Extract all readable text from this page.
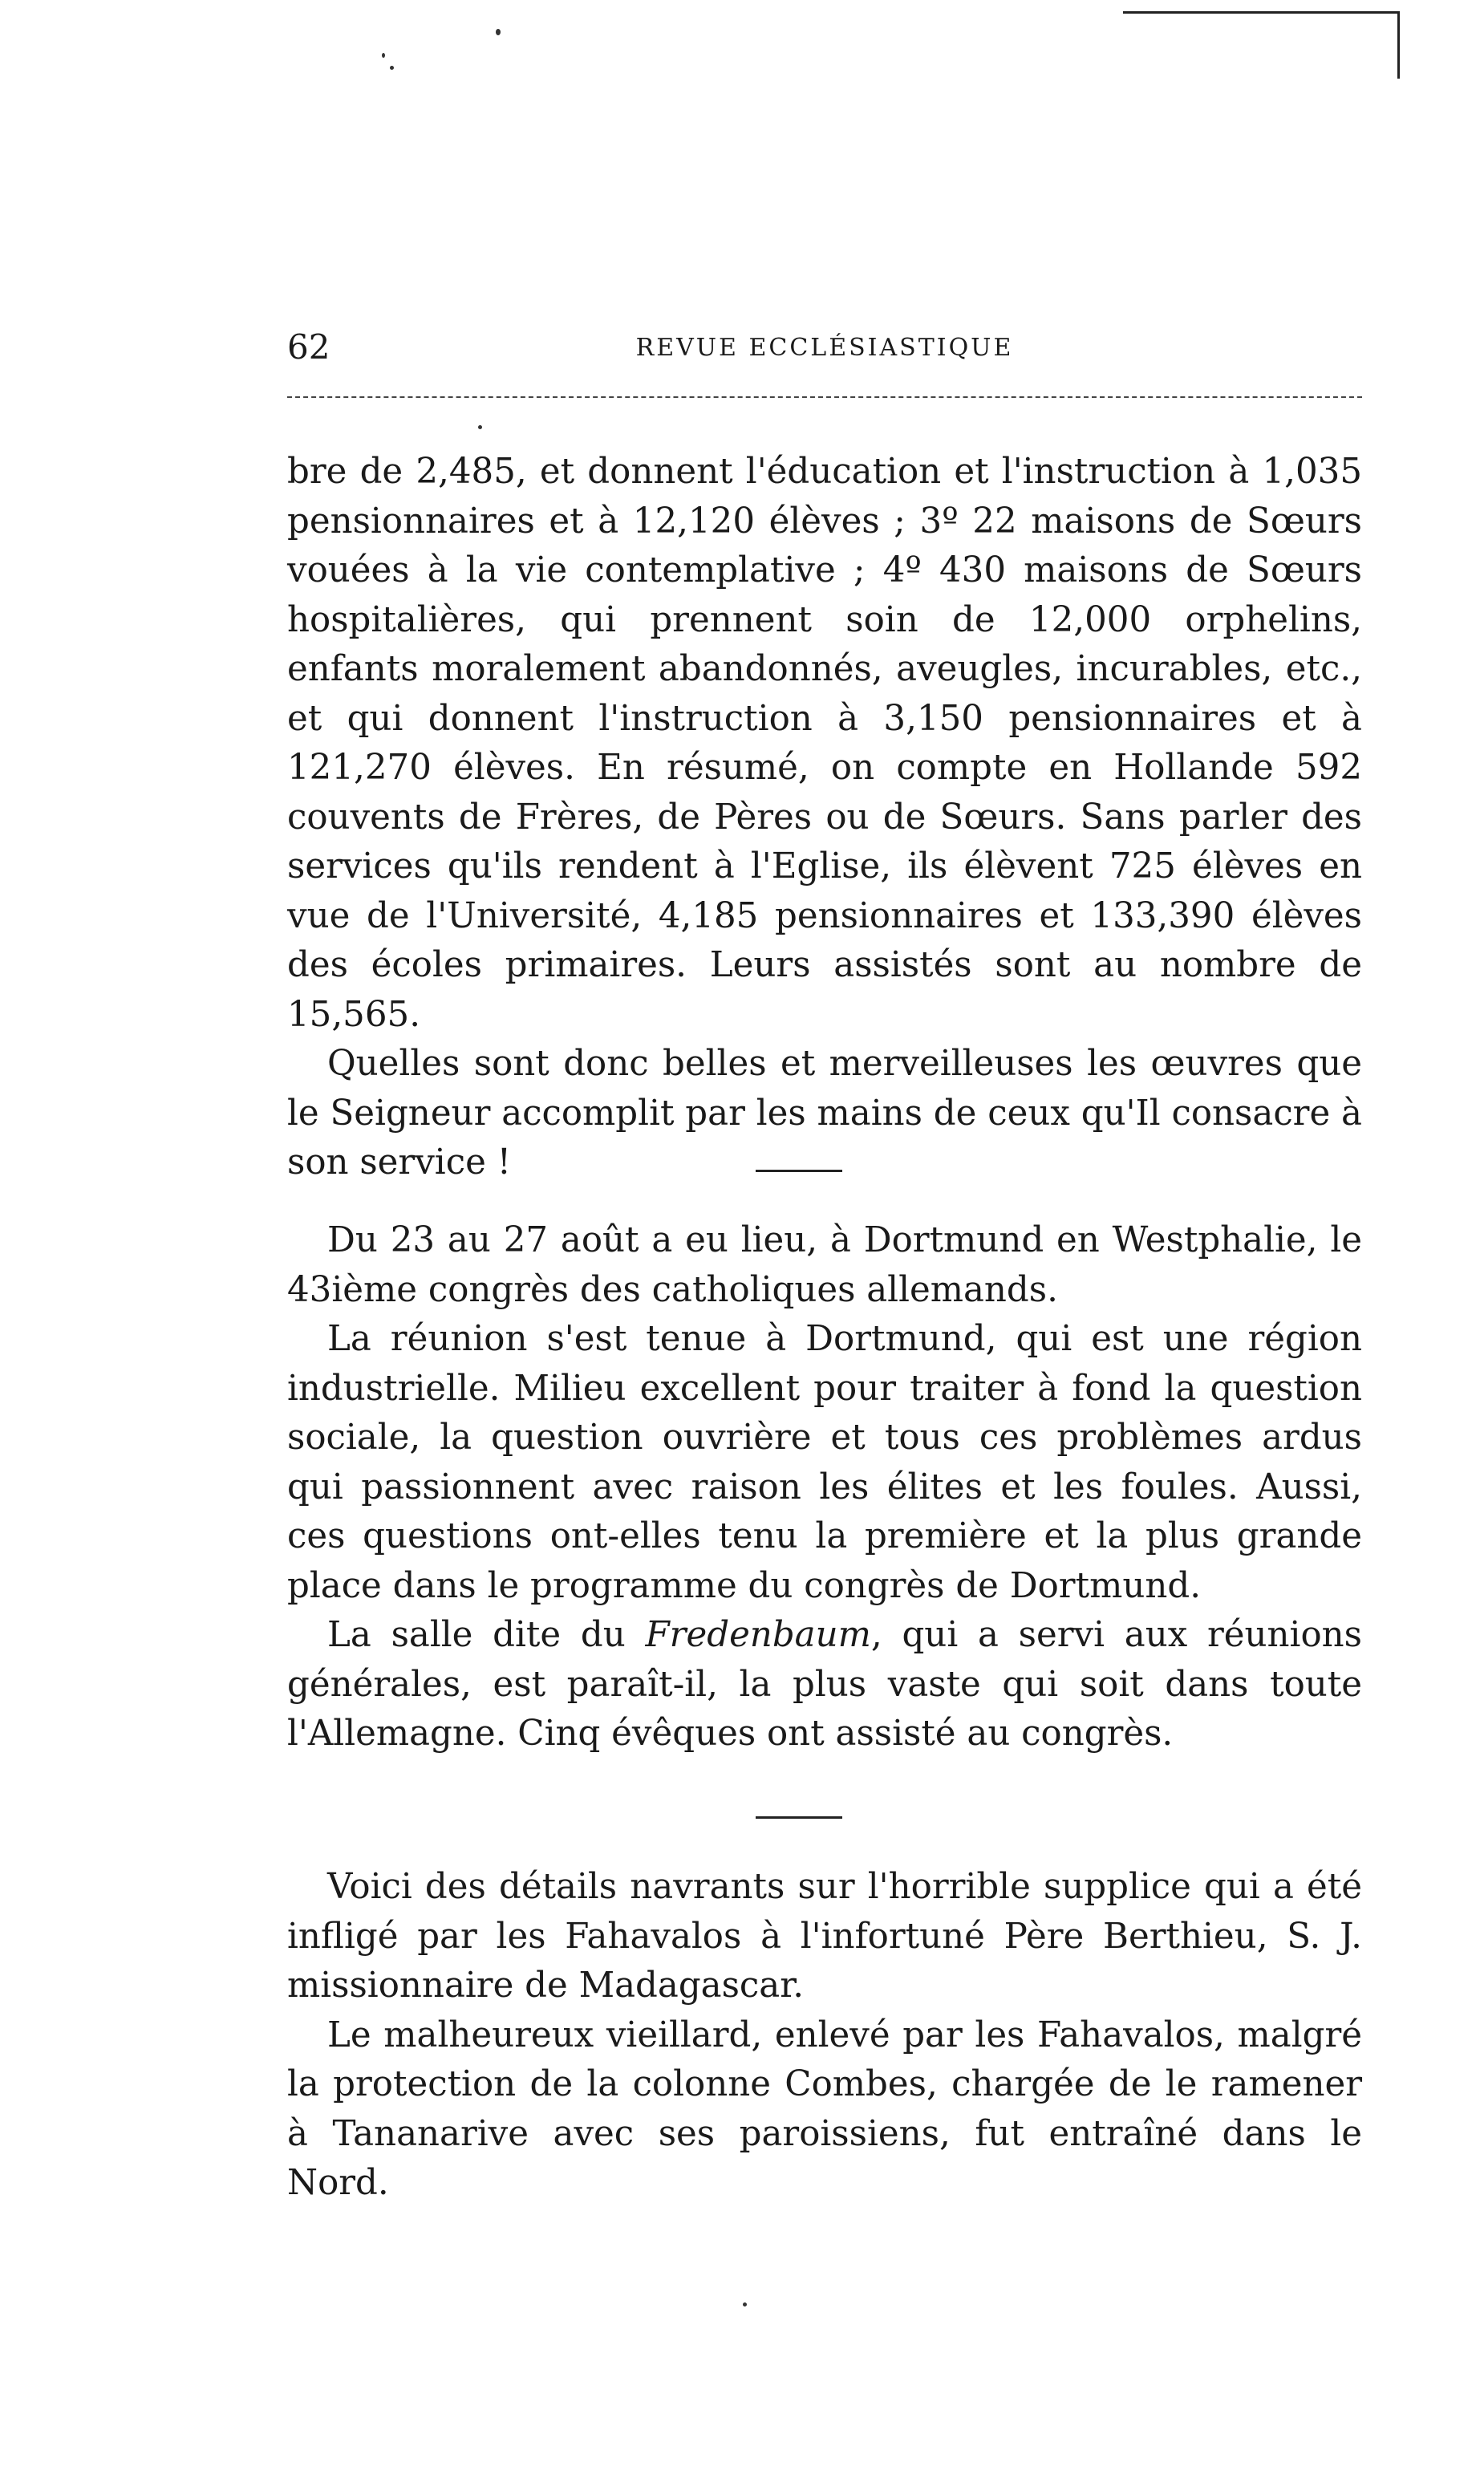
62	REVUE ECCLÉSIASTIQUE

bre de 2,485, et donnent l'éducation et l'instruction à 1,035 pensionnaires et à 12,120 élèves ; 3º 22 maisons de Sœurs vouées à la vie contemplative ; 4º 430 maisons de Sœurs hospitalières, qui prennent soin de 12,000 orphelins, enfants moralement abandonnés, aveugles, incurables, etc., et qui donnent l'instruction à 3,150 pensionnaires et à 121,270 élèves. En résumé, on compte en Hollande 592 couvents de Frères, de Pères ou de Sœurs. Sans parler des services qu'ils rendent à l'Eglise, ils élèvent 725 élèves en vue de l'Université, 4,185 pensionnaires et 133,390 élèves des écoles primaires. Leurs assistés sont au nombre de 15,565.

Quelles sont donc belles et merveilleuses les œuvres que le Seigneur accomplit par les mains de ceux qu'Il consacre à son service !

Du 23 au 27 août a eu lieu, à Dortmund en Westphalie, le 43ième congrès des catholiques allemands.

La réunion s'est tenue à Dortmund, qui est une région industrielle. Milieu excellent pour traiter à fond la question sociale, la question ouvrière et tous ces problèmes ardus qui passionnent avec raison les élites et les foules. Aussi, ces questions ont-elles tenu la première et la plus grande place dans le programme du congrès de Dortmund.

La salle dite du Fredenbaum, qui a servi aux réunions générales, est paraît-il, la plus vaste qui soit dans toute l'Allemagne. Cinq évêques ont assisté au congrès.

Voici des détails navrants sur l'horrible supplice qui a été infligé par les Fahavalos à l'infortuné Père Berthieu, S. J. missionnaire de Madagascar.

Le malheureux vieillard, enlevé par les Fahavalos, malgré la protection de la colonne Combes, chargée de le ramener à Tananarive avec ses paroissiens, fut entraîné dans le Nord.
